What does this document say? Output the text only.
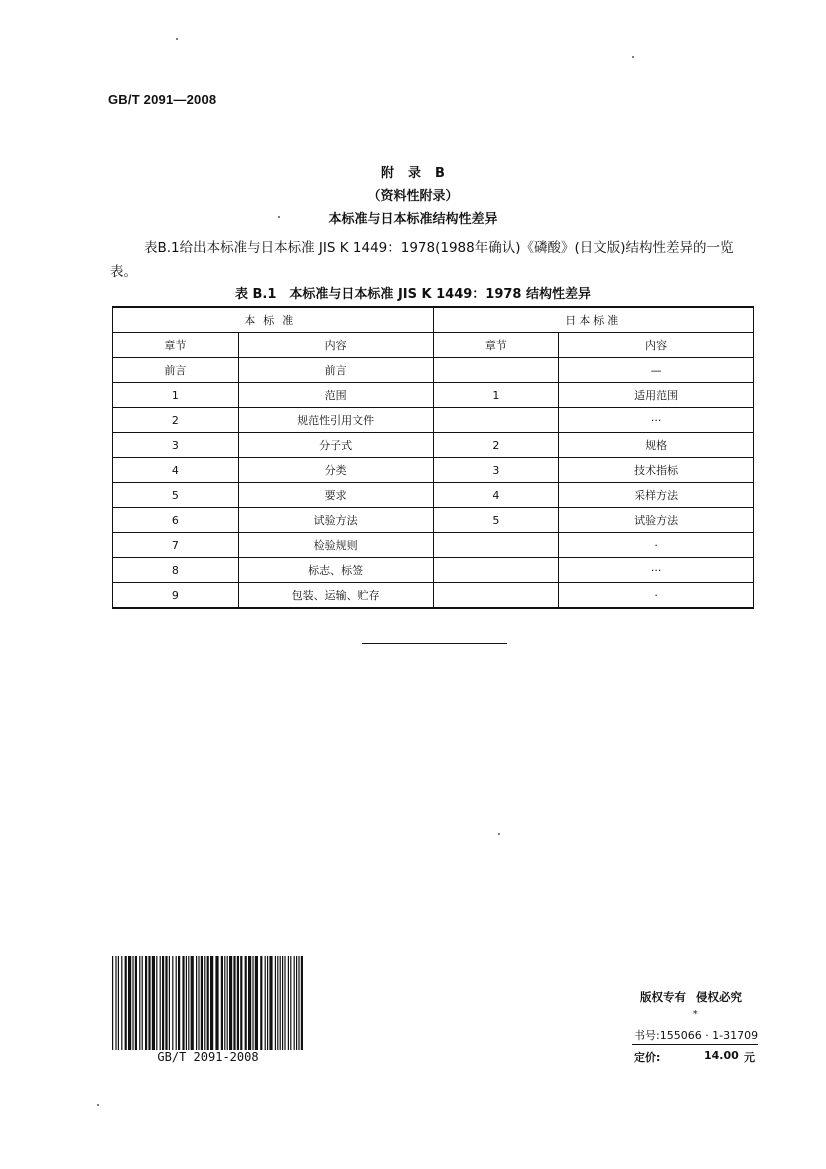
GB/T 2091—2008
附录B
（资料性附录）
本标准与日本标准结构性差异
表B.1给出本标准与日本标准 JIS K 1449：1978(1988年确认)《磷酸》(日文版)结构性差异的一览表。
表 B.1　本标准与日本标准 JIS K 1449：1978 结构性差异
本标准		日本标准	
章节	内容	章节	内容
前言	前言		—
1	范围	1	适用范围
2	规范性引用文件		···
3	分子式	2	规格
4	分类	3	技术指标
5	要求	4	采样方法
6	试验方法	5	试验方法
7	检验规则		·
8	标志、标签		···
9	包装、运输、贮存		·
GB/T 2091-2008
版权专有 侵权必究
*
书号:155066 · 1-31709
定价:	14.00 元
